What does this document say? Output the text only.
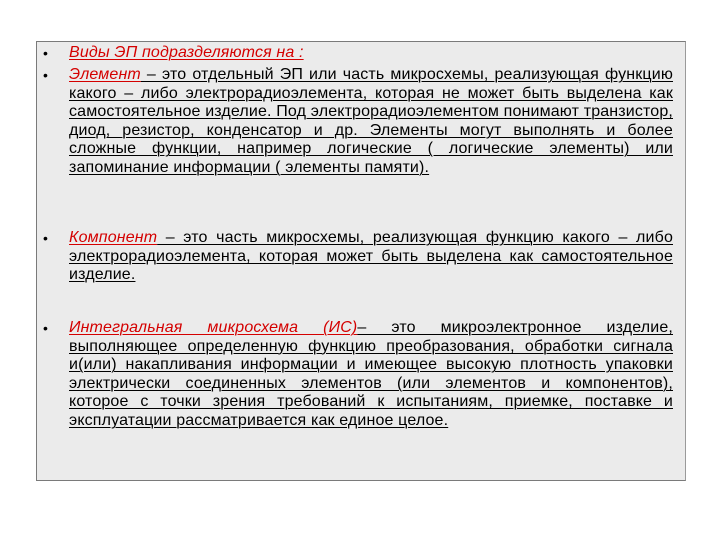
• Виды ЭП подразделяются на :
• Элемент – это отдельный ЭП или часть микросхемы, реализующая функцию какого – либо электрорадиоэлемента, которая не может быть выделена как самостоятельное изделие. Под электрорадиоэлементом понимают транзистор, диод, резистор, конденсатор и др. Элементы могут выполнять и более сложные функции, например логические ( логические элементы) или запоминание информации ( элементы памяти).
• Компонент – это часть микросхемы, реализующая функцию какого – либо электрорадиоэлемента, которая может быть выделена как самостоятельное изделие.
• Интегральная микросхема (ИС)– это микроэлектронное изделие, выполняющее определенную функцию преобразования, обработки сигнала и(или) накапливания информации и имеющее высокую плотность упаковки электрически соединенных элементов (или элементов и компонентов), которое с точки зрения требований к испытаниям, приемке, поставке и эксплуатации рассматривается как единое целое.
